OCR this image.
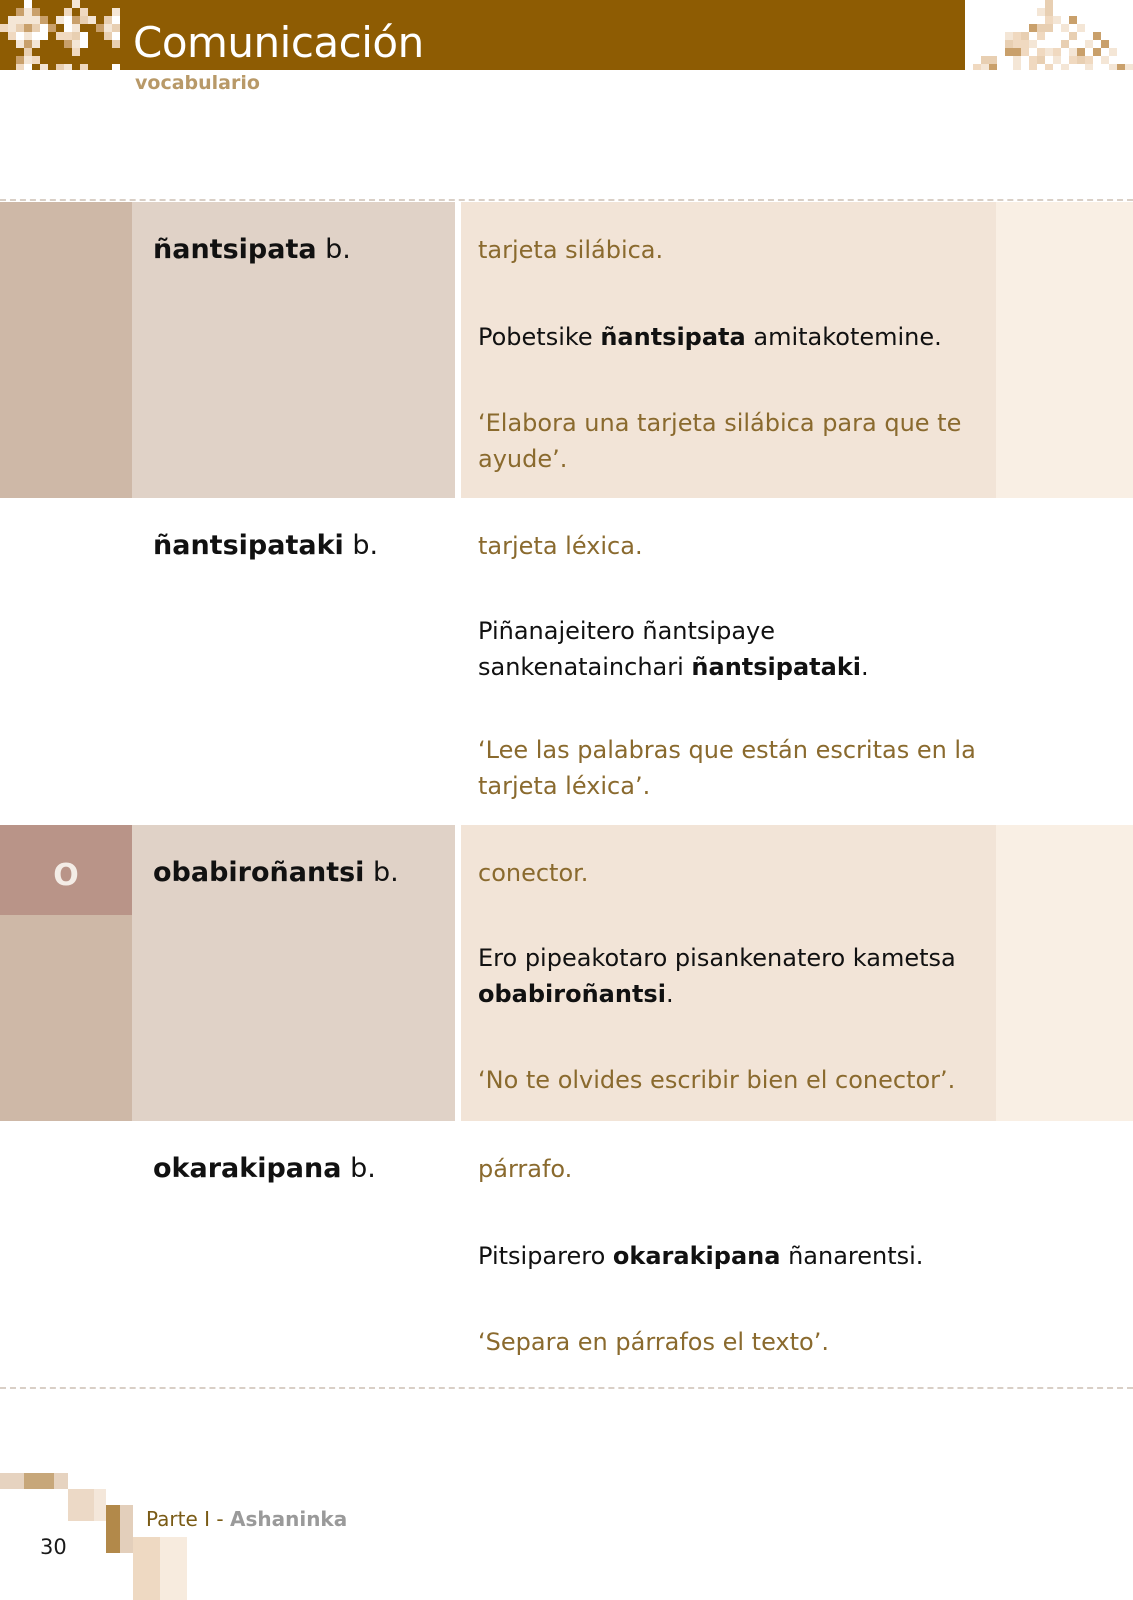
Comunicación
vocabulario
ñantsipata b.	tarjeta silábica.
Pobetsike ñantsipata amitakotemine.
‘Elabora una tarjeta silábica para que te ayude’.
ñantsipataki b.	tarjeta léxica.
Piñanajeitero ñantsipaye sankenatainchari ñantsipataki.
‘Lee las palabras que están escritas en la tarjeta léxica’.
O	obabiroñantsi b.	conector.
Ero pipeakotaro pisankenatero kametsa obabiroñantsi.
‘No te olvides escribir bien el conector’.
okarakipana b.	párrafo.
Pitsiparero okarakipana ñanarentsi.
‘Separa en párrafos el texto’.
30
Parte I - Ashaninka
